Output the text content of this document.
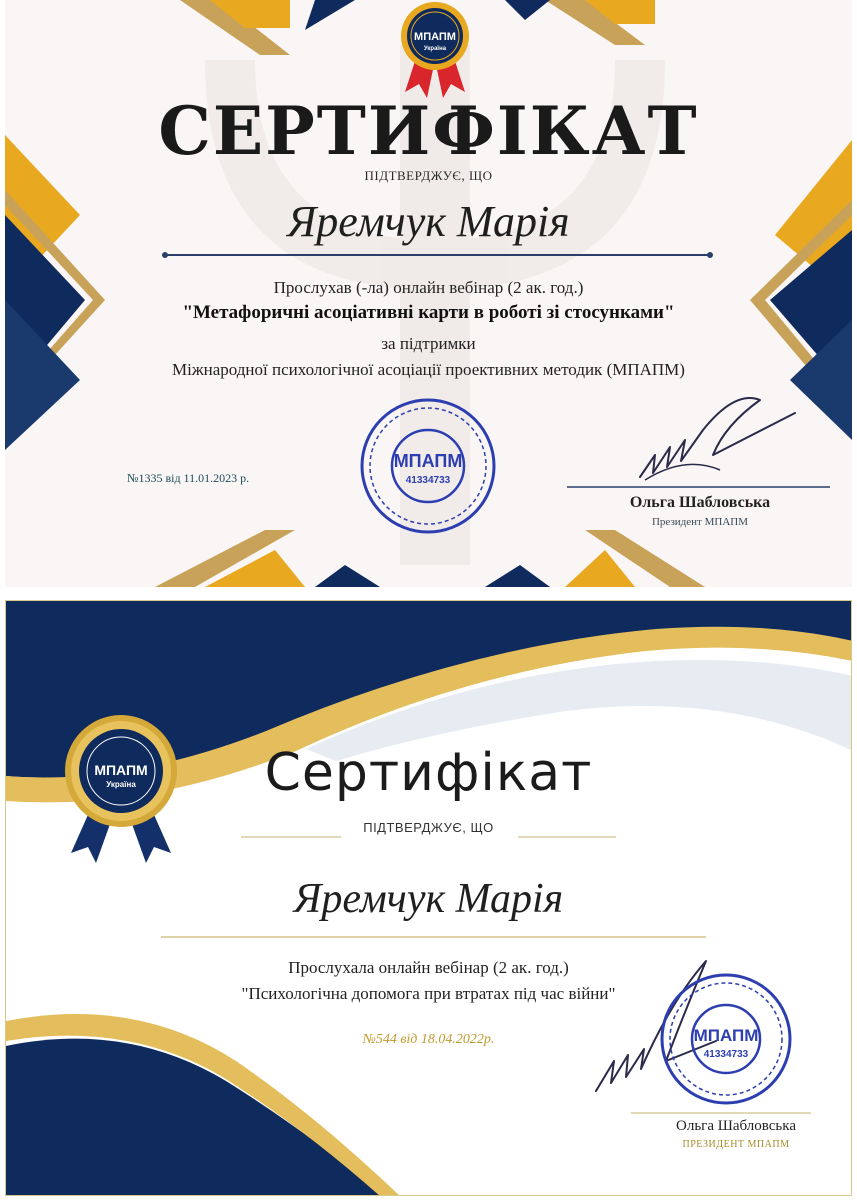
МПАПМ
Україна
СЕРТИФІКАТ
ПІДТВЕРДЖУЄ, ЩО
Яремчук Марія
Прослухав (-ла) онлайн вебінар (2 ак. год.)
"Метафоричні асоціативні карти в роботі зі стосунками"
за підтримки
Міжнародної психологічної асоціації проективних методик (МПАПМ)
№1335 від 11.01.2023 р.
МПАПМ
41334733
Ольга Шабловська
Президент МПАПМ
МПАПМ
Україна	Сертифікат
ПІДТВЕРДЖУЄ, ЩО
Яремчук Марія
Прослухала онлайн вебінар (2 ак. год.)
"Психологічна допомога при втратах під час війни"
№544 від 18.04.2022р.	МПАПМ
41334733
Ольга Шабловська
ПРЕЗИДЕНТ МПАПМ
